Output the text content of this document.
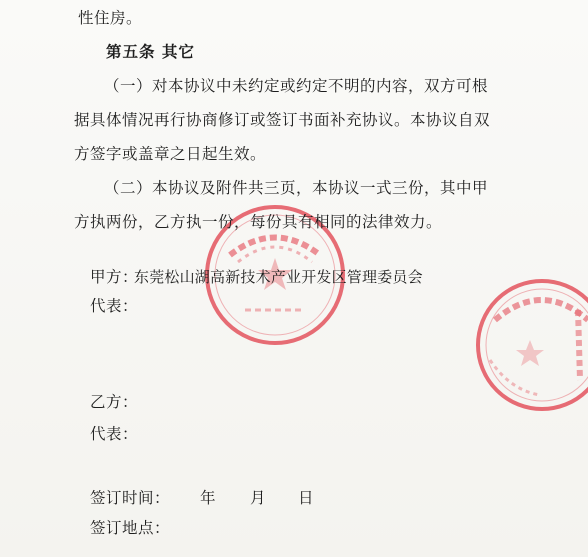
性住房。
第五条 其它
（一）对本协议中未约定或约定不明的内容，双方可根
据具体情况再行协商修订或签订书面补充协议。本协议自双
方签字或盖章之日起生效。
（二）本协议及附件共三页，本协议一式三份，其中甲
方执两份，乙方执一份，每份具有相同的法律效力。
甲方：
东莞松山湖高新技术产业开发区管理委员会
代表：
乙方：
代表：
签订时间： 年 月 日
签订地点：
